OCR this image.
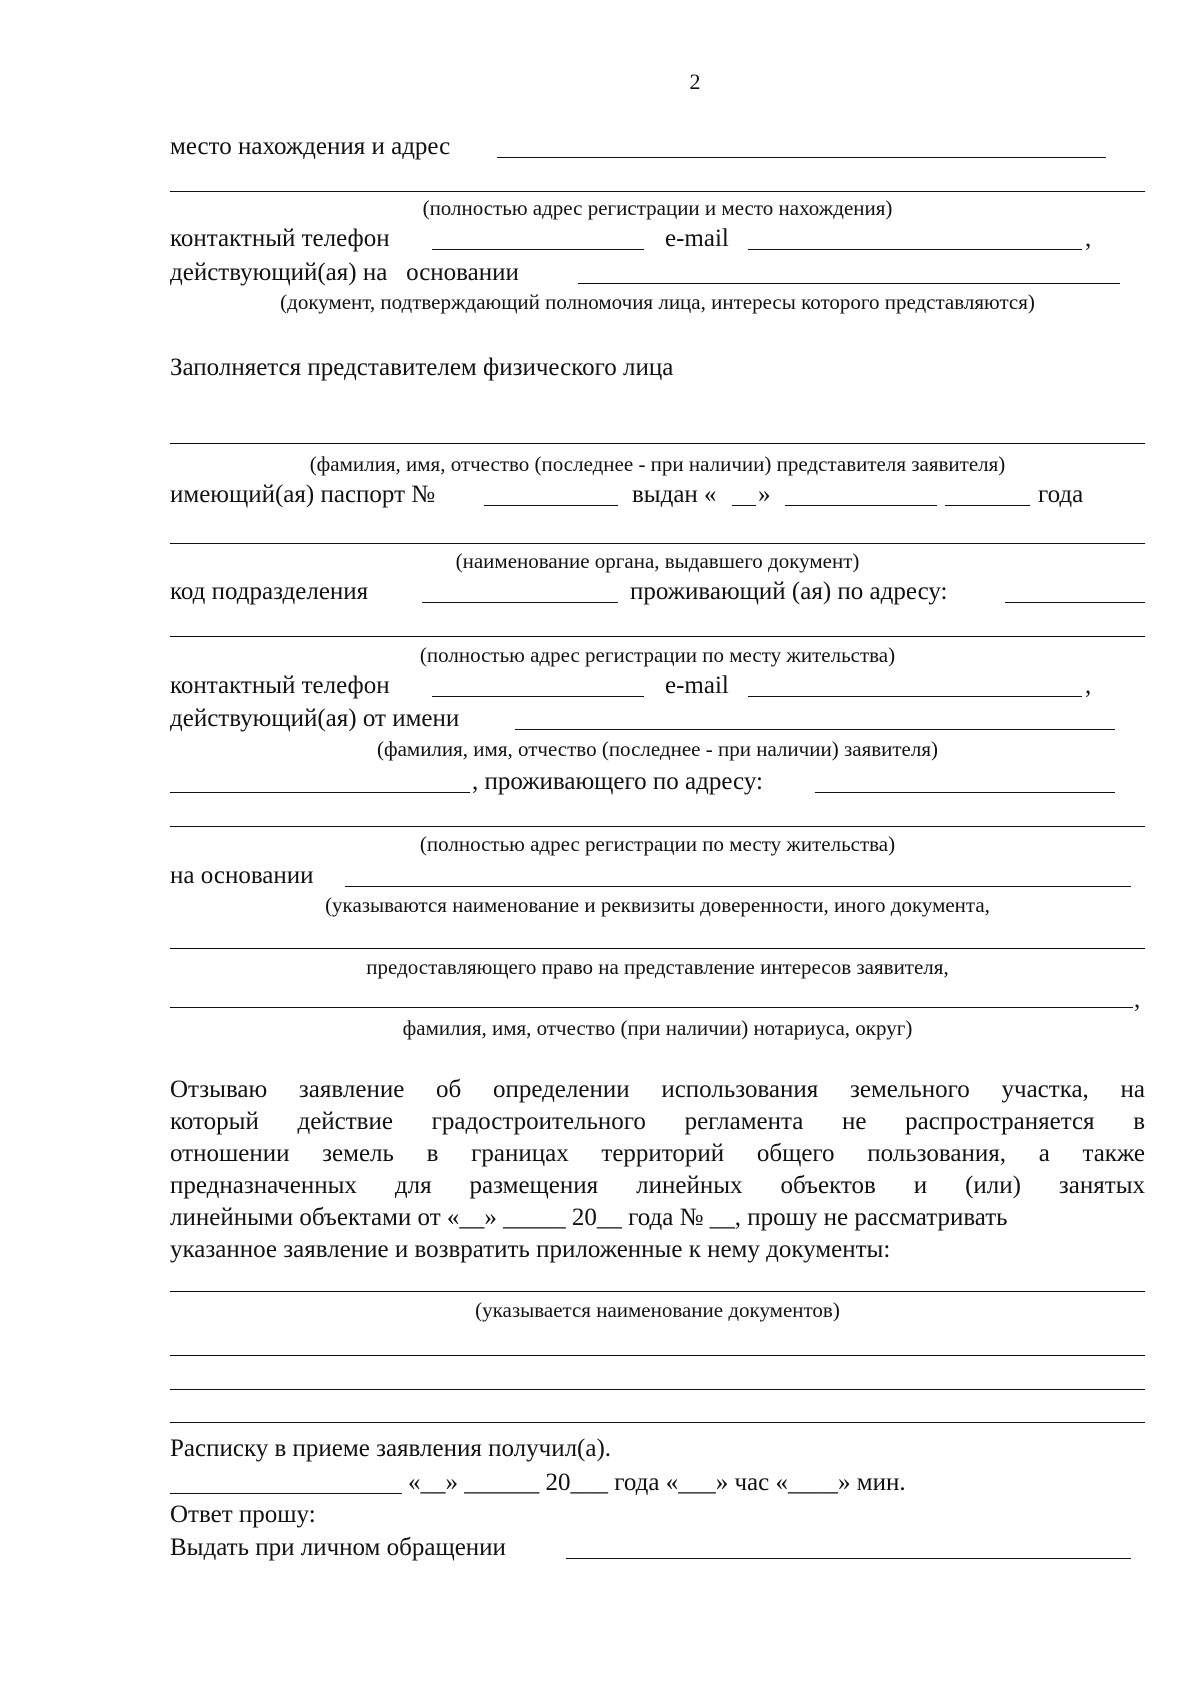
2
место нахождения и адрес
(полностью адрес регистрации и место нахождения)
контактный телефон	e-mail	,
действующий(ая) на   основании
(документ, подтверждающий полномочия лица, интересы которого представляются)
Заполняется представителем физического лица
(фамилия, имя, отчество (последнее - при наличии) представителя заявителя)
имеющий(ая) паспорт №	выдан « »	года
(наименование органа, выдавшего документ)
код подразделения	проживающий (ая) по адресу:
(полностью адрес регистрации по месту жительства)
контактный телефон	e-mail	,
действующий(ая) от имени
(фамилия, имя, отчество (последнее - при наличии) заявителя)
, проживающего по адресу:
(полностью адрес регистрации по месту жительства)
на основании
(указываются наименование и реквизиты доверенности, иного документа,
предоставляющего право на представление интересов заявителя,
,
фамилия, имя, отчество (при наличии) нотариуса, округ)
Отзываю заявление об определении использования земельного участка, на
который действие градостроительного регламента не распространяется в
отношении земель в границах территорий общего пользования, а также
предназначенных для размещения линейных объектов и (или) занятых
линейными объектами от «__» _____ 20__ года № __, прошу не рассматривать
указанное заявление и возвратить приложенные к нему документы:
(указывается наименование документов)
Расписку в приеме заявления получил(а).
«__» ______ 20___ года «___» час «____» мин.
Ответ прошу:
Выдать при личном обращении
